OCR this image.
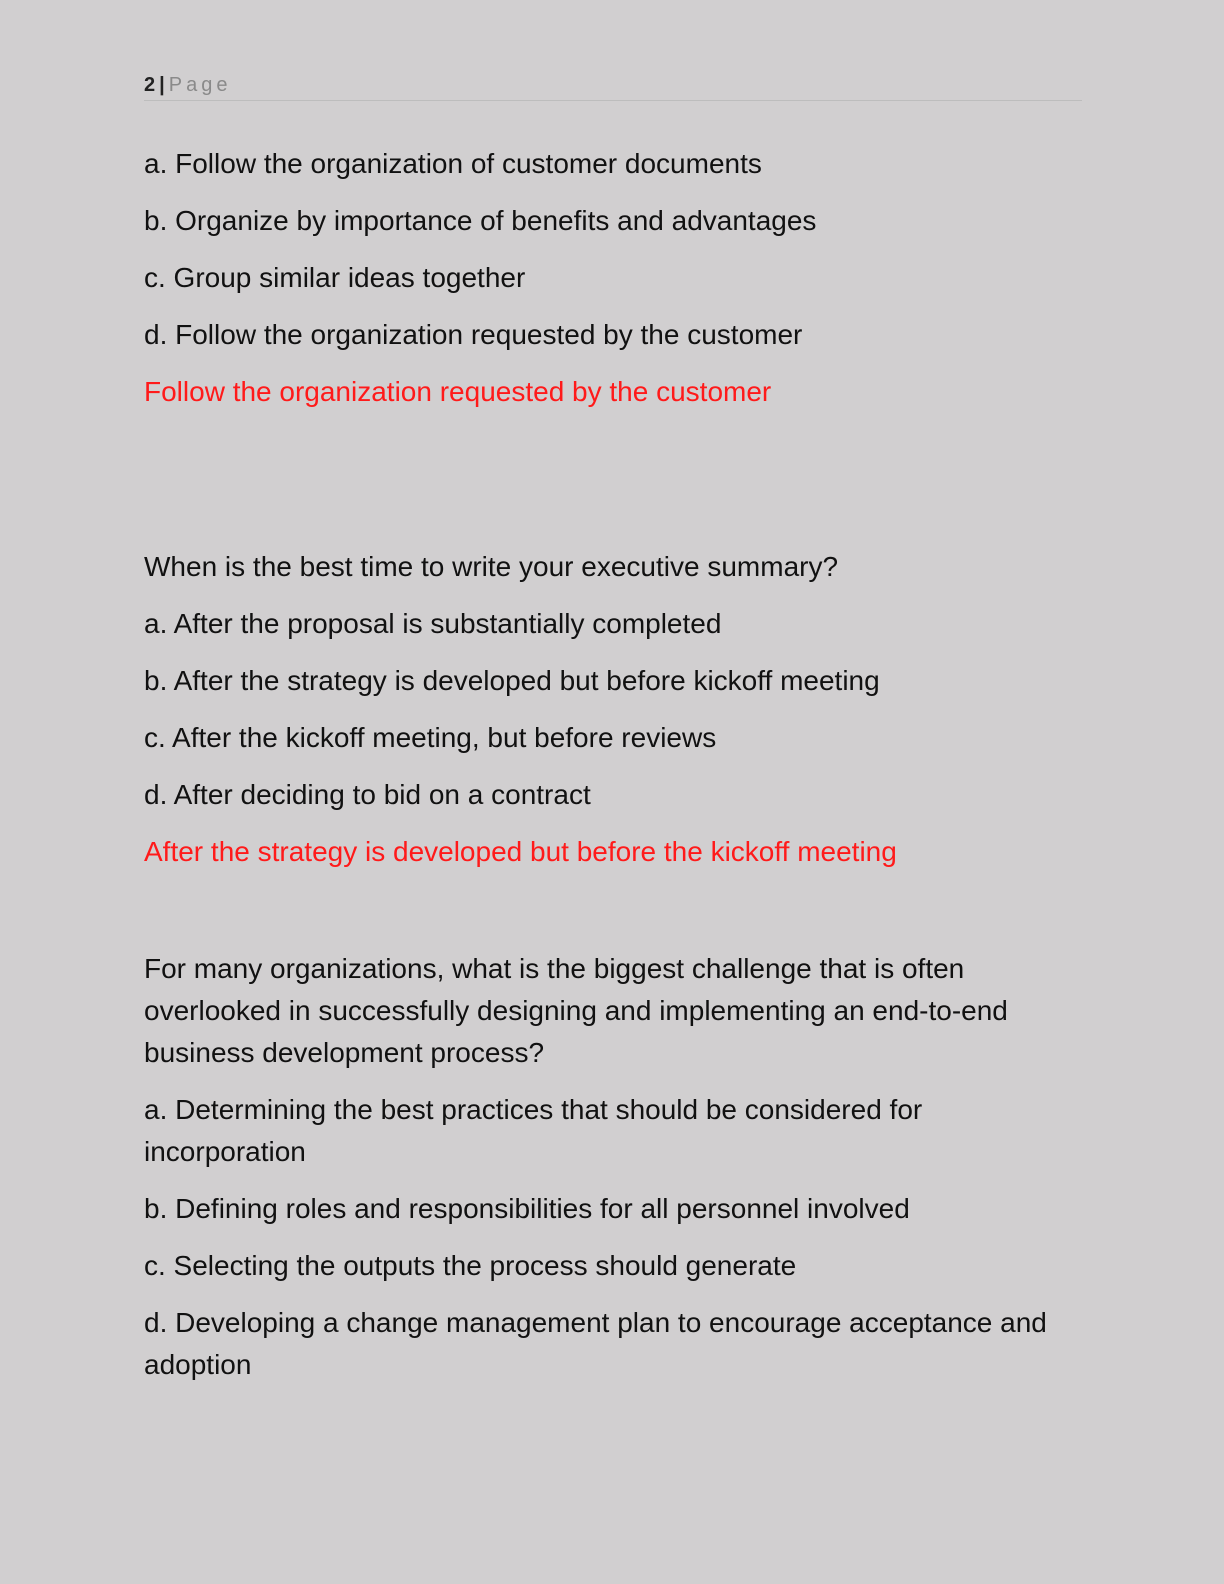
2 | Page

a. Follow the organization of customer documents

b. Organize by importance of benefits and advantages

c. Group similar ideas together

d. Follow the organization requested by the customer

Follow the organization requested by the customer

When is the best time to write your executive summary?

a. After the proposal is substantially completed

b. After the strategy is developed but before kickoff meeting

c. After the kickoff meeting, but before reviews

d. After deciding to bid on a contract

After the strategy is developed but before the kickoff meeting

For many organizations, what is the biggest challenge that is often overlooked in successfully designing and implementing an end-to-end business development process?

a. Determining the best practices that should be considered for incorporation

b. Defining roles and responsibilities for all personnel involved

c. Selecting the outputs the process should generate

d. Developing a change management plan to encourage acceptance and adoption
